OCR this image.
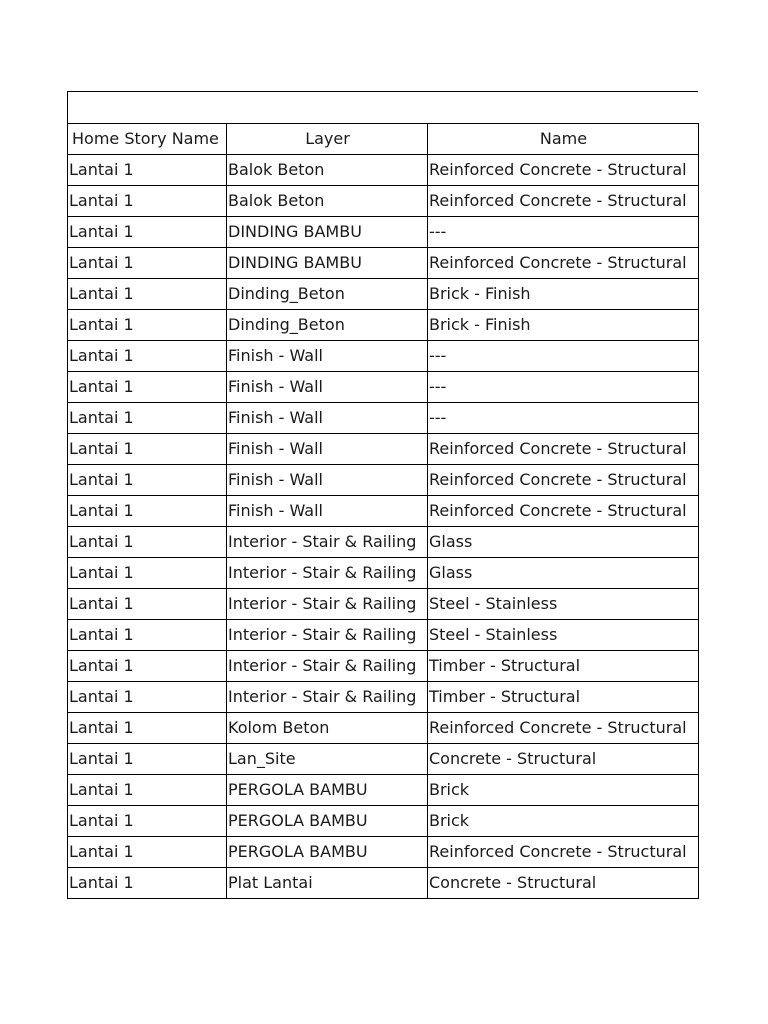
Home Story Name	Layer	Name
Lantai 1	Balok Beton	Reinforced Concrete - Structural
Lantai 1	Balok Beton	Reinforced Concrete - Structural
Lantai 1	DINDING BAMBU	---
Lantai 1	DINDING BAMBU	Reinforced Concrete - Structural
Lantai 1	Dinding_Beton	Brick - Finish
Lantai 1	Dinding_Beton	Brick - Finish
Lantai 1	Finish - Wall	---
Lantai 1	Finish - Wall	---
Lantai 1	Finish - Wall	---
Lantai 1	Finish - Wall	Reinforced Concrete - Structural
Lantai 1	Finish - Wall	Reinforced Concrete - Structural
Lantai 1	Finish - Wall	Reinforced Concrete - Structural
Lantai 1	Interior - Stair & Railing	Glass
Lantai 1	Interior - Stair & Railing	Glass
Lantai 1	Interior - Stair & Railing	Steel - Stainless
Lantai 1	Interior - Stair & Railing	Steel - Stainless
Lantai 1	Interior - Stair & Railing	Timber - Structural
Lantai 1	Interior - Stair & Railing	Timber - Structural
Lantai 1	Kolom Beton	Reinforced Concrete - Structural
Lantai 1	Lan_Site	Concrete - Structural
Lantai 1	PERGOLA BAMBU	Brick
Lantai 1	PERGOLA BAMBU	Brick
Lantai 1	PERGOLA BAMBU	Reinforced Concrete - Structural
Lantai 1	Plat Lantai	Concrete - Structural
